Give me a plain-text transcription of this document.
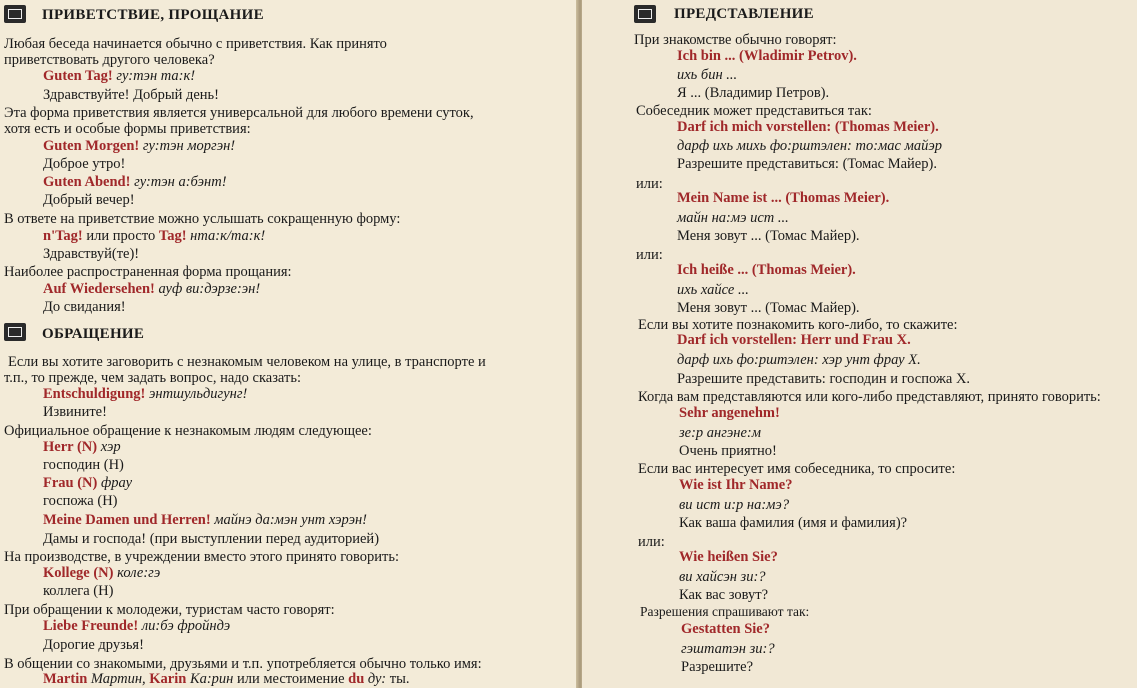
ПРИВЕТСТВИЕ, ПРОЩАНИЕ
Любая беседа начинается обычно с приветствия. Как принято
приветствовать другого человека?
Guten Tag! гу:тэн та:к!
Здравствуйте! Добрый день!
Эта форма приветствия является универсальной для любого времени суток,
хотя есть и особые формы приветствия:
Guten Morgen! гу:тэн моргэн!
Доброе утро!
Guten Abend! гу:тэн а:бэнт!
Добрый вечер!
В ответе на приветствие можно услышать сокращенную форму:
n'Tag! или просто Tag! нта:к/та:к!
Здравствуй(те)!
Наиболее распространенная форма прощания:
Auf Wiedersehen! ауф ви:дэрзе:эн!
До свидания!
ОБРАЩЕНИЕ
Если вы хотите заговорить с незнакомым человеком на улице, в транспорте и
т.п., то прежде, чем задать вопрос, надо сказать:
Entschuldigung! энтшульдигунг!
Извините!
Официальное обращение к незнакомым людям следующее:
Herr (N) хэр
господин (Н)
Frau (N) фрау
госпожа (Н)
Meine Damen und Herren! майнэ да:мэн унт хэрэн!
Дамы и господа! (при выступлении перед аудиторией)
На производстве, в учреждении вместо этого принято говорить:
Kollege (N) коле:гэ
коллега (Н)
При обращении к молодежи, туристам часто говорят:
Liebe Freunde! ли:бэ фройндэ
Дорогие друзья!
В общении со знакомыми, друзьями и т.п. употребляется обычно только имя:
Martin Мартин, Karin Ка:рин или местоимение du ду: ты.
ПРЕДСТАВЛЕНИЕ
При знакомстве обычно говорят:
Ich bin ... (Wladimir Petrov).
ихь бин ...
Я ... (Владимир Петров).
Собеседник может представиться так:
Darf ich mich vorstellen: (Thomas Meier).
дарф ихь михь фо:рштэлен: то:мас майэр
Разрешите представиться: (Томас Майер).
или:
Mein Name ist ... (Thomas Meier).
майн на:мэ ист ...
Меня зовут ... (Томас Майер).
или:
Ich heiße ... (Thomas Meier).
ихь хайсе ...
Меня зовут ... (Томас Майер).
Если вы хотите познакомить кого-либо, то скажите:
Darf ich vorstellen: Herr und Frau X.
дарф ихь фо:рштэлен: хэр унт фрау Х.
Разрешите представить: господин и госпожа Х.
Когда вам представляются или кого-либо представляют, принято говорить:
Sehr angenehm!
зе:р ангэне:м
Очень приятно!
Если вас интересует имя собеседника, то спросите:
Wie ist Ihr Name?
ви ист и:р на:мэ?
Как ваша фамилия (имя и фамилия)?
или:
Wie heißen Sie?
ви хайсэн зи:?
Как вас зовут?
Разрешения спрашивают так:
Gestatten Sie?
гэштатэн зи:?
Разрешите?
